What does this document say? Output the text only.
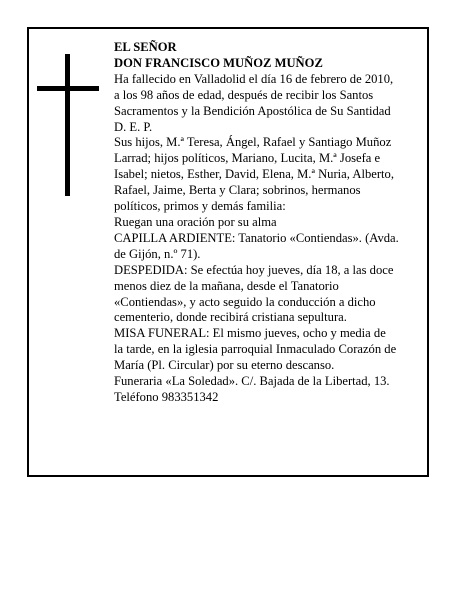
EL SEÑOR
DON FRANCISCO MUÑOZ MUÑOZ
Ha fallecido en Valladolid el día 16 de febrero de 2010,
a los 98 años de edad, después de recibir los Santos
Sacramentos y la Bendición Apostólica de Su Santidad
D. E. P.
Sus hijos, M.ª Teresa, Ángel, Rafael y Santiago Muñoz
Larrad; hijos políticos, Mariano, Lucita, M.ª Josefa e
Isabel; nietos, Esther, David, Elena, M.ª Nuria, Alberto,
Rafael, Jaime, Berta y Clara; sobrinos, hermanos
políticos, primos y demás familia:
Ruegan una oración por su alma
CAPILLA ARDIENTE: Tanatorio «Contiendas». (Avda.
de Gijón, n.º 71).
DESPEDIDA: Se efectúa hoy jueves, día 18, a las doce
menos diez de la mañana, desde el Tanatorio
«Contiendas», y acto seguido la conducción a dicho
cementerio, donde recibirá cristiana sepultura.
MISA FUNERAL: El mismo jueves, ocho y media de
la tarde, en la iglesia parroquial Inmaculado Corazón de
María (Pl. Circular) por su eterno descanso.
Funeraria «La Soledad». C/. Bajada de la Libertad, 13.
Teléfono 983351342
